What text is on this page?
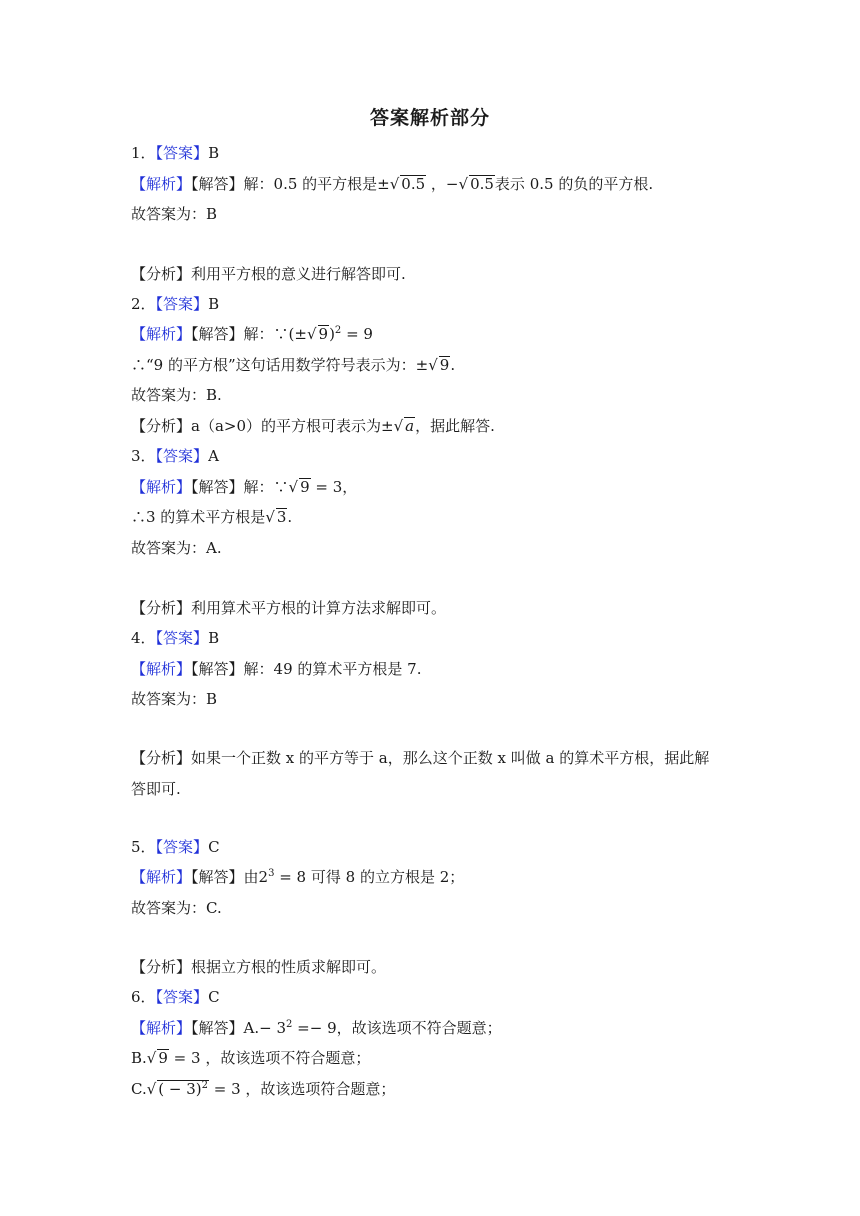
答案解析部分
1．【答案】B
【解析】【解答】解：0.5 的平方根是±√ 0.5 ，−√ 0.5表示 0.5 的负的平方根.
故答案为：B
【分析】利用平方根的意义进行解答即可.
2．【答案】B
【解析】【解答】解：∵(±√ 9)$^2$ = 9
∴“9 的平方根”这句话用数学符号表示为：±√ 9.
故答案为：B.
【分析】a（a>0）的平方根可表示为±√ a，据此解答.
3．【答案】A
【解析】【解答】解：∵√ 9 = 3，
∴3 的算术平方根是√ 3.
故答案为：A.
【分析】利用算术平方根的计算方法求解即可。
4．【答案】B
【解析】【解答】解：49 的算术平方根是 7.
故答案为：B
【分析】如果一个正数 x 的平方等于 a，那么这个正数 x 叫做 a 的算术平方根，据此解
答即可.
5．【答案】C
【解析】【解答】由$2^3 = 8$ 可得 8 的立方根是 2；
故答案为：C.
【分析】根据立方根的性质求解即可。
6．【答案】C
【解析】【解答】$A.- 3^2 =- 9$，故该选项不符合题意；
B.√ 9 = 3 ，故该选项不符合题意；
C.√ ( − 3)$^2$ = 3 ，故该选项符合题意；
